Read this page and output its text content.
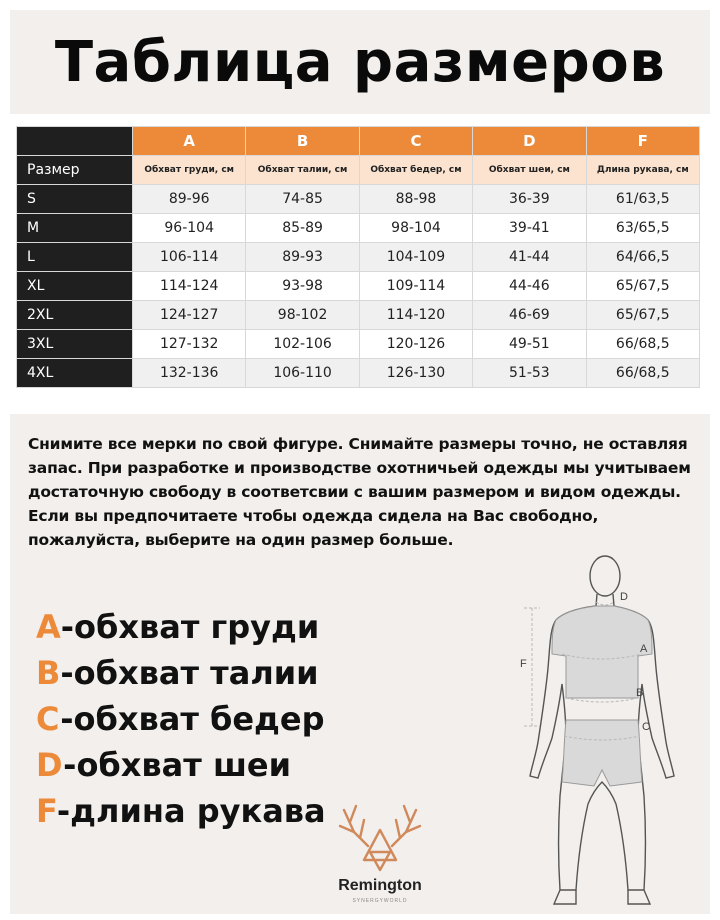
Таблица размеров
	A	B	C	D	F
Размер	Обхват груди, см	Обхват талии, см	Обхват бедер, см	Обхват шеи, см	Длина рукава, см
S	89-96	74-85	88-98	36-39	61/63,5
M	96-104	85-89	98-104	39-41	63/65,5
L	106-114	89-93	104-109	41-44	64/66,5
XL	114-124	93-98	109-114	44-46	65/67,5
2XL	124-127	98-102	114-120	46-69	65/67,5
3XL	127-132	102-106	120-126	49-51	66/68,5
4XL	132-136	106-110	126-130	51-53	66/68,5

Снимите все мерки по свой фигуре. Снимайте размеры точно, не оставляя запас. При разработке и производстве охотничьей одежды мы учитываем достаточную свободу в соответсвии с вашим размером и видом одежды. Если вы предпочитаете чтобы одежда сидела на Вас свободно, пожалуйста, выберите на один размер больше.

A-обхват груди
B-обхват талии
C-обхват бедер
D-обхват шеи
F-длина рукава
D
F
A
B
C
Remington
SYNERGYWORLD
